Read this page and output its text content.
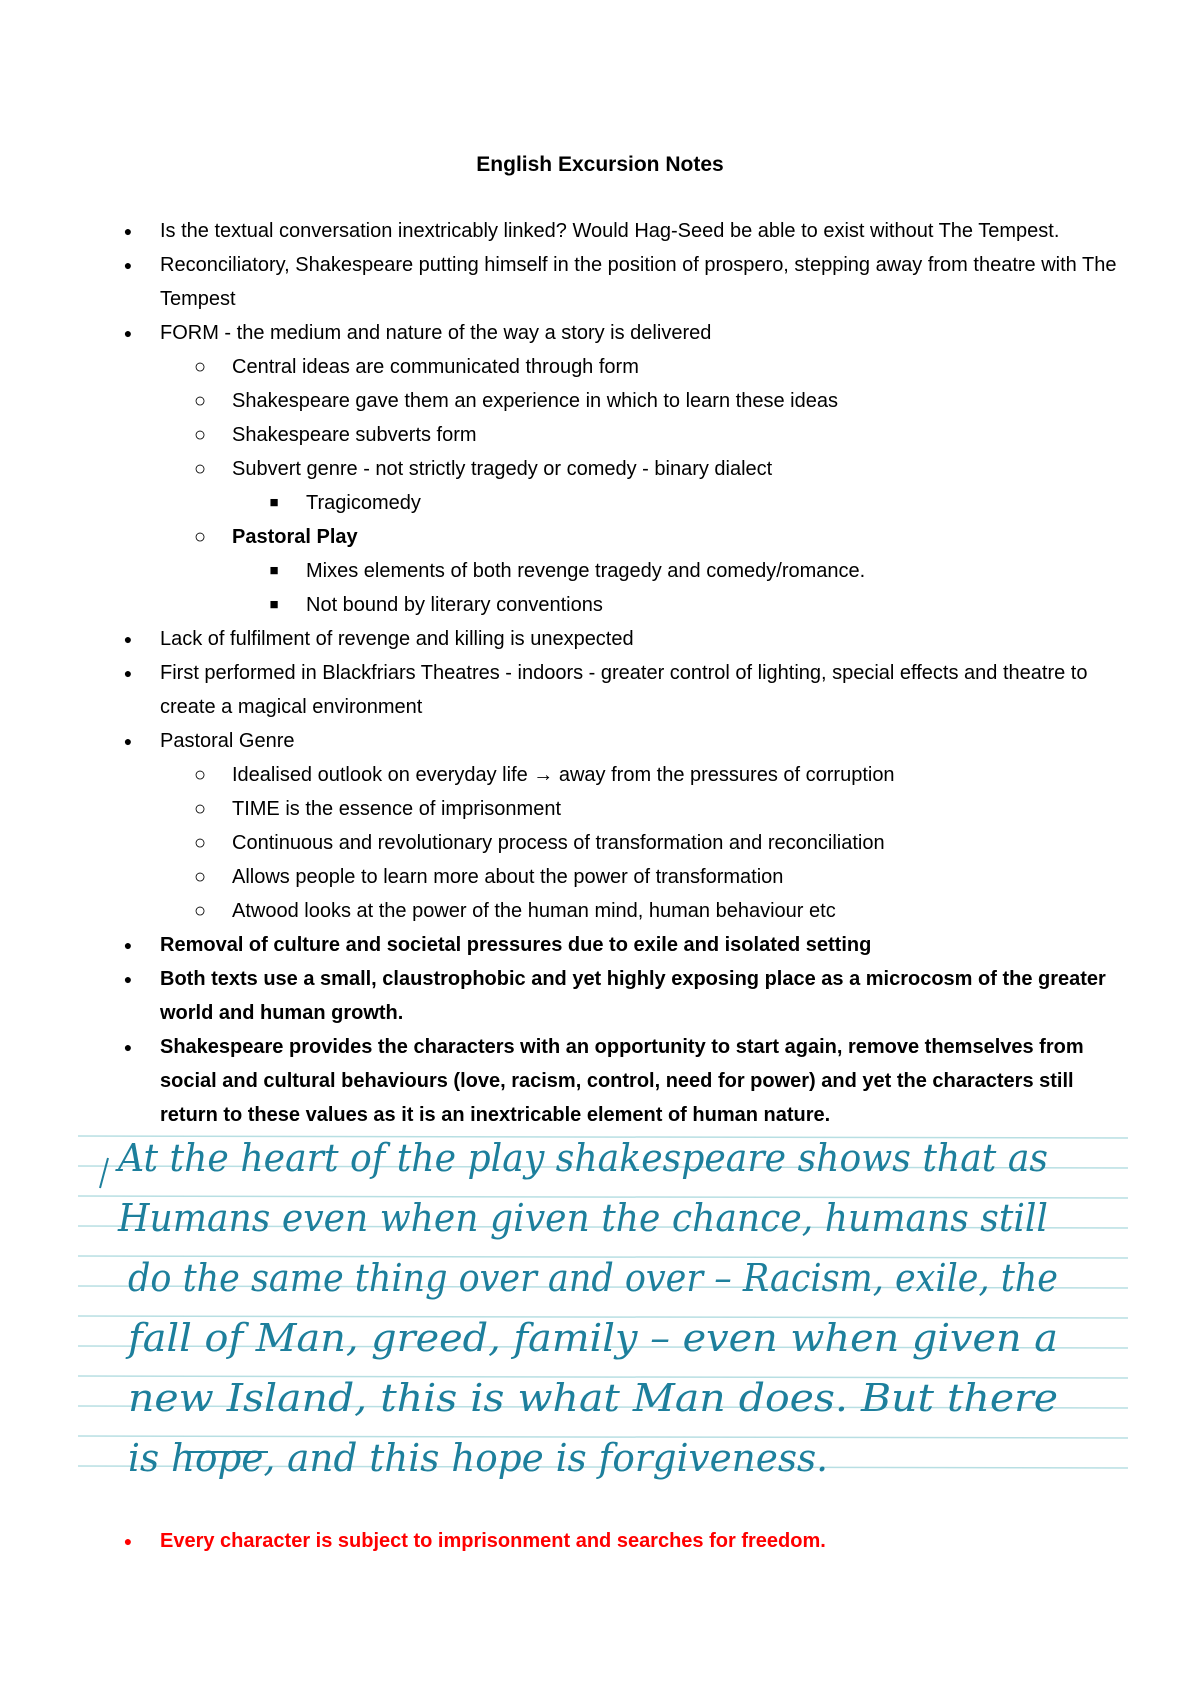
English Excursion Notes
● Is the textual conversation inextricably linked? Would Hag-Seed be able to exist without The Tempest.
● Reconciliatory, Shakespeare putting himself in the position of prospero, stepping away from theatre with The Tempest
● FORM - the medium and nature of the way a story is delivered
○ Central ideas are communicated through form
○ Shakespeare gave them an experience in which to learn these ideas
○ Shakespeare subverts form
○ Subvert genre - not strictly tragedy or comedy - binary dialect
■ Tragicomedy
○ Pastoral Play
■ Mixes elements of both revenge tragedy and comedy/romance.
■ Not bound by literary conventions
● Lack of fulfilment of revenge and killing is unexpected
● First performed in Blackfriars Theatres - indoors - greater control of lighting, special effects and theatre to create a magical environment
● Pastoral Genre
○ Idealised outlook on everyday life → away from the pressures of corruption
○ TIME is the essence of imprisonment
○ Continuous and revolutionary process of transformation and reconciliation
○ Allows people to learn more about the power of transformation
○ Atwood looks at the power of the human mind, human behaviour etc
● Removal of culture and societal pressures due to exile and isolated setting
● Both texts use a small, claustrophobic and yet highly exposing place as a microcosm of the greater world and human growth.
● Shakespeare provides the characters with an opportunity to start again, remove themselves from social and cultural behaviours (love, racism, control, need for power) and yet the characters still return to these values as it is an inextricable element of human nature.
At the heart of the play shakespeare shows that as
Humans even when given the chance, humans still
do the same thing over and over – Racism, exile, the
fall of Man, greed, family – even when given a
new Island, this is what Man does. But there
is hope, and this hope is forgiveness.
● Every character is subject to imprisonment and searches for freedom.
